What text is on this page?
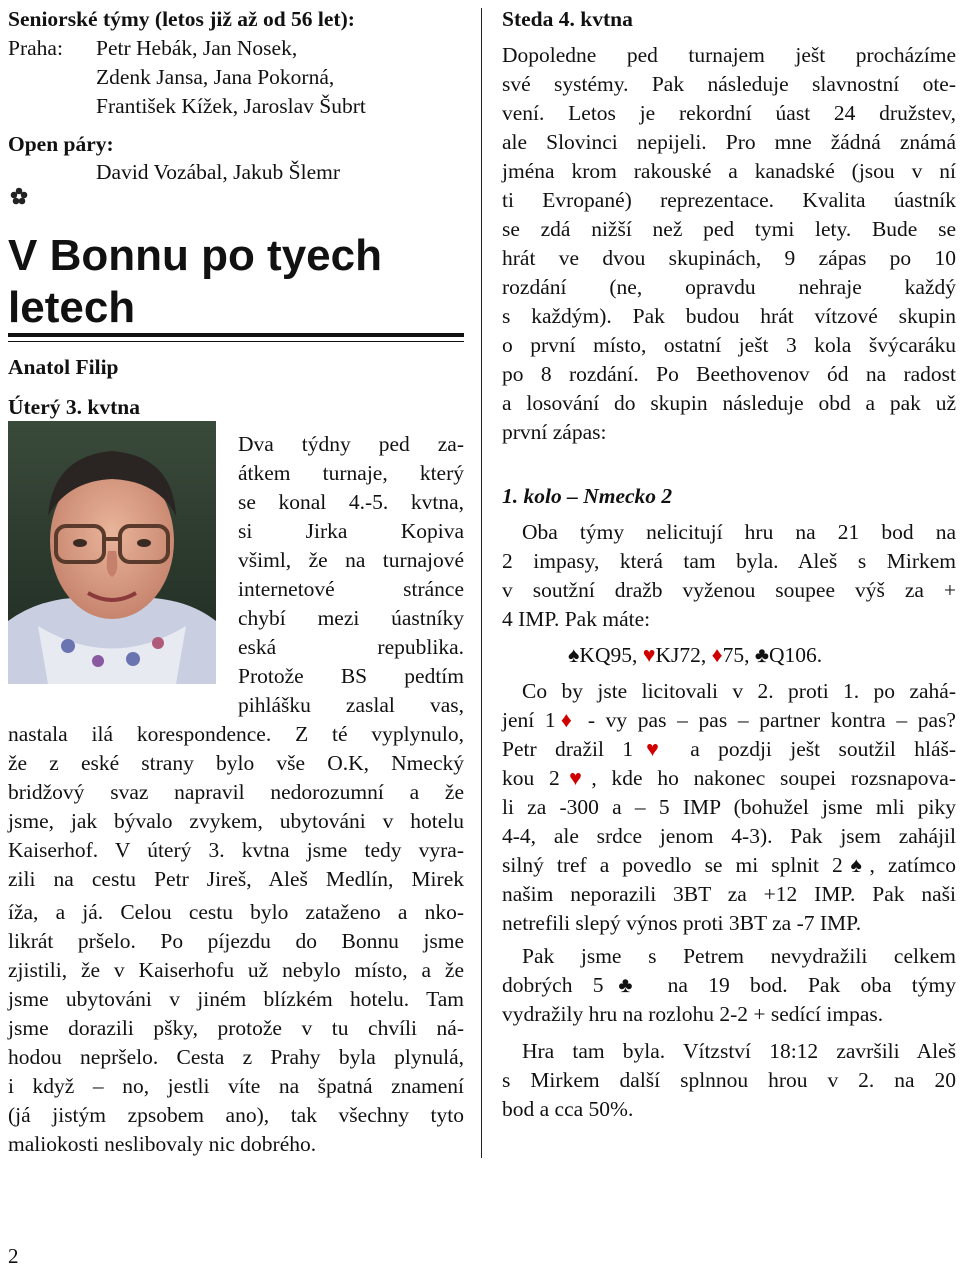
Seniorské týmy (letos již až od 56 let):
Praha: Petr Hebák, Jan Nosek,
Zdenk Jansa, Jana Pokorná,
František Kížek, Jaroslav Šubrt
Open páry:
David Vozábal, Jakub Šlemr
V Bonnu po tyech
letech
Anatol Filip
Úterý 3. kvtna
Dva týdny ped za-
átkem turnaje, který
se konal 4.-5. kvtna,
si Jirka Kopiva
všiml, že na turnajové
internetové stránce
chybí mezi úastníky
eská republika.
Protože BS pedtím
pihlášku zaslal vas,
nastala ilá korespondence. Z té vyplynulo,
že z eské strany bylo vše O.K, Nmecký
bridžový svaz napravil nedorozumní a že
jsme, jak bývalo zvykem, ubytováni v hotelu
Kaiserhof. V úterý 3. kvtna jsme tedy vyra-
zili na cestu Petr Jireš, Aleš Medlín, Mirek
íža, a já. Celou cestu bylo zataženo a nko-
likrát pršelo. Po píjezdu do Bonnu jsme
zjistili, že v Kaiserhofu už nebylo místo, a že
jsme ubytováni v jiném blízkém hotelu. Tam
jsme dorazili pšky, protože v tu chvíli ná-
hodou nepršelo. Cesta z Prahy byla plynulá,
i když – no, jestli víte na špatná znamení
(já jistým zpsobem ano), tak všechny tyto
maliokosti neslibovaly nic dobrého.
Steda 4. kvtna
Dopoledne ped turnajem ješt procházíme
své systémy. Pak následuje slavnostní ote-
vení. Letos je rekordní úast 24 družstev,
ale Slovinci nepijeli. Pro mne žádná známá
jména krom rakouské a kanadské (jsou v ní
ti Evropané) reprezentace. Kvalita úastník
se zdá nižší než ped tymi lety. Bude se
hrát ve dvou skupinách, 9 zápas po 10
rozdání (ne, opravdu nehraje každý
s každým). Pak budou hrát vítzové skupin
o první místo, ostatní ješt 3 kola švýcaráku
po 8 rozdání. Po Beethovenov ód na radost
a losování do skupin následuje obd a pak už
první zápas:
1. kolo – Nmecko 2
Oba týmy nelicitují hru na 21 bod na
2 impasy, která tam byla. Aleš s Mirkem
v soutžní dražb vyženou soupee výš za +
4 IMP. Pak máte:
♠KQ95, ♥KJ72, ♦75, ♣Q106.
Co by jste licitovali v 2. proti 1. po zahá-
jení 1♦ - vy pas – pas – partner kontra – pas?
Petr dražil 1♥ a pozdji ješt soutžil hláš-
kou 2♥, kde ho nakonec soupei rozsnapova-
li za -300 a – 5 IMP (bohužel jsme mli piky
4-4, ale srdce jenom 4-3). Pak jsem zahájil
silný tref a povedlo se mi splnit 2♠, zatímco
našim neporazili 3BT za +12 IMP. Pak naši
netrefili slepý výnos proti 3BT za -7 IMP.
Pak jsme s Petrem nevydražili celkem
dobrých 5♣ na 19 bod. Pak oba týmy
vydražily hru na rozlohu 2-2 + sedící impas.
Hra tam byla. Vítzství 18:12 završili Aleš
s Mirkem další splnnou hrou v 2. na 20
bod a cca 50%.
2
